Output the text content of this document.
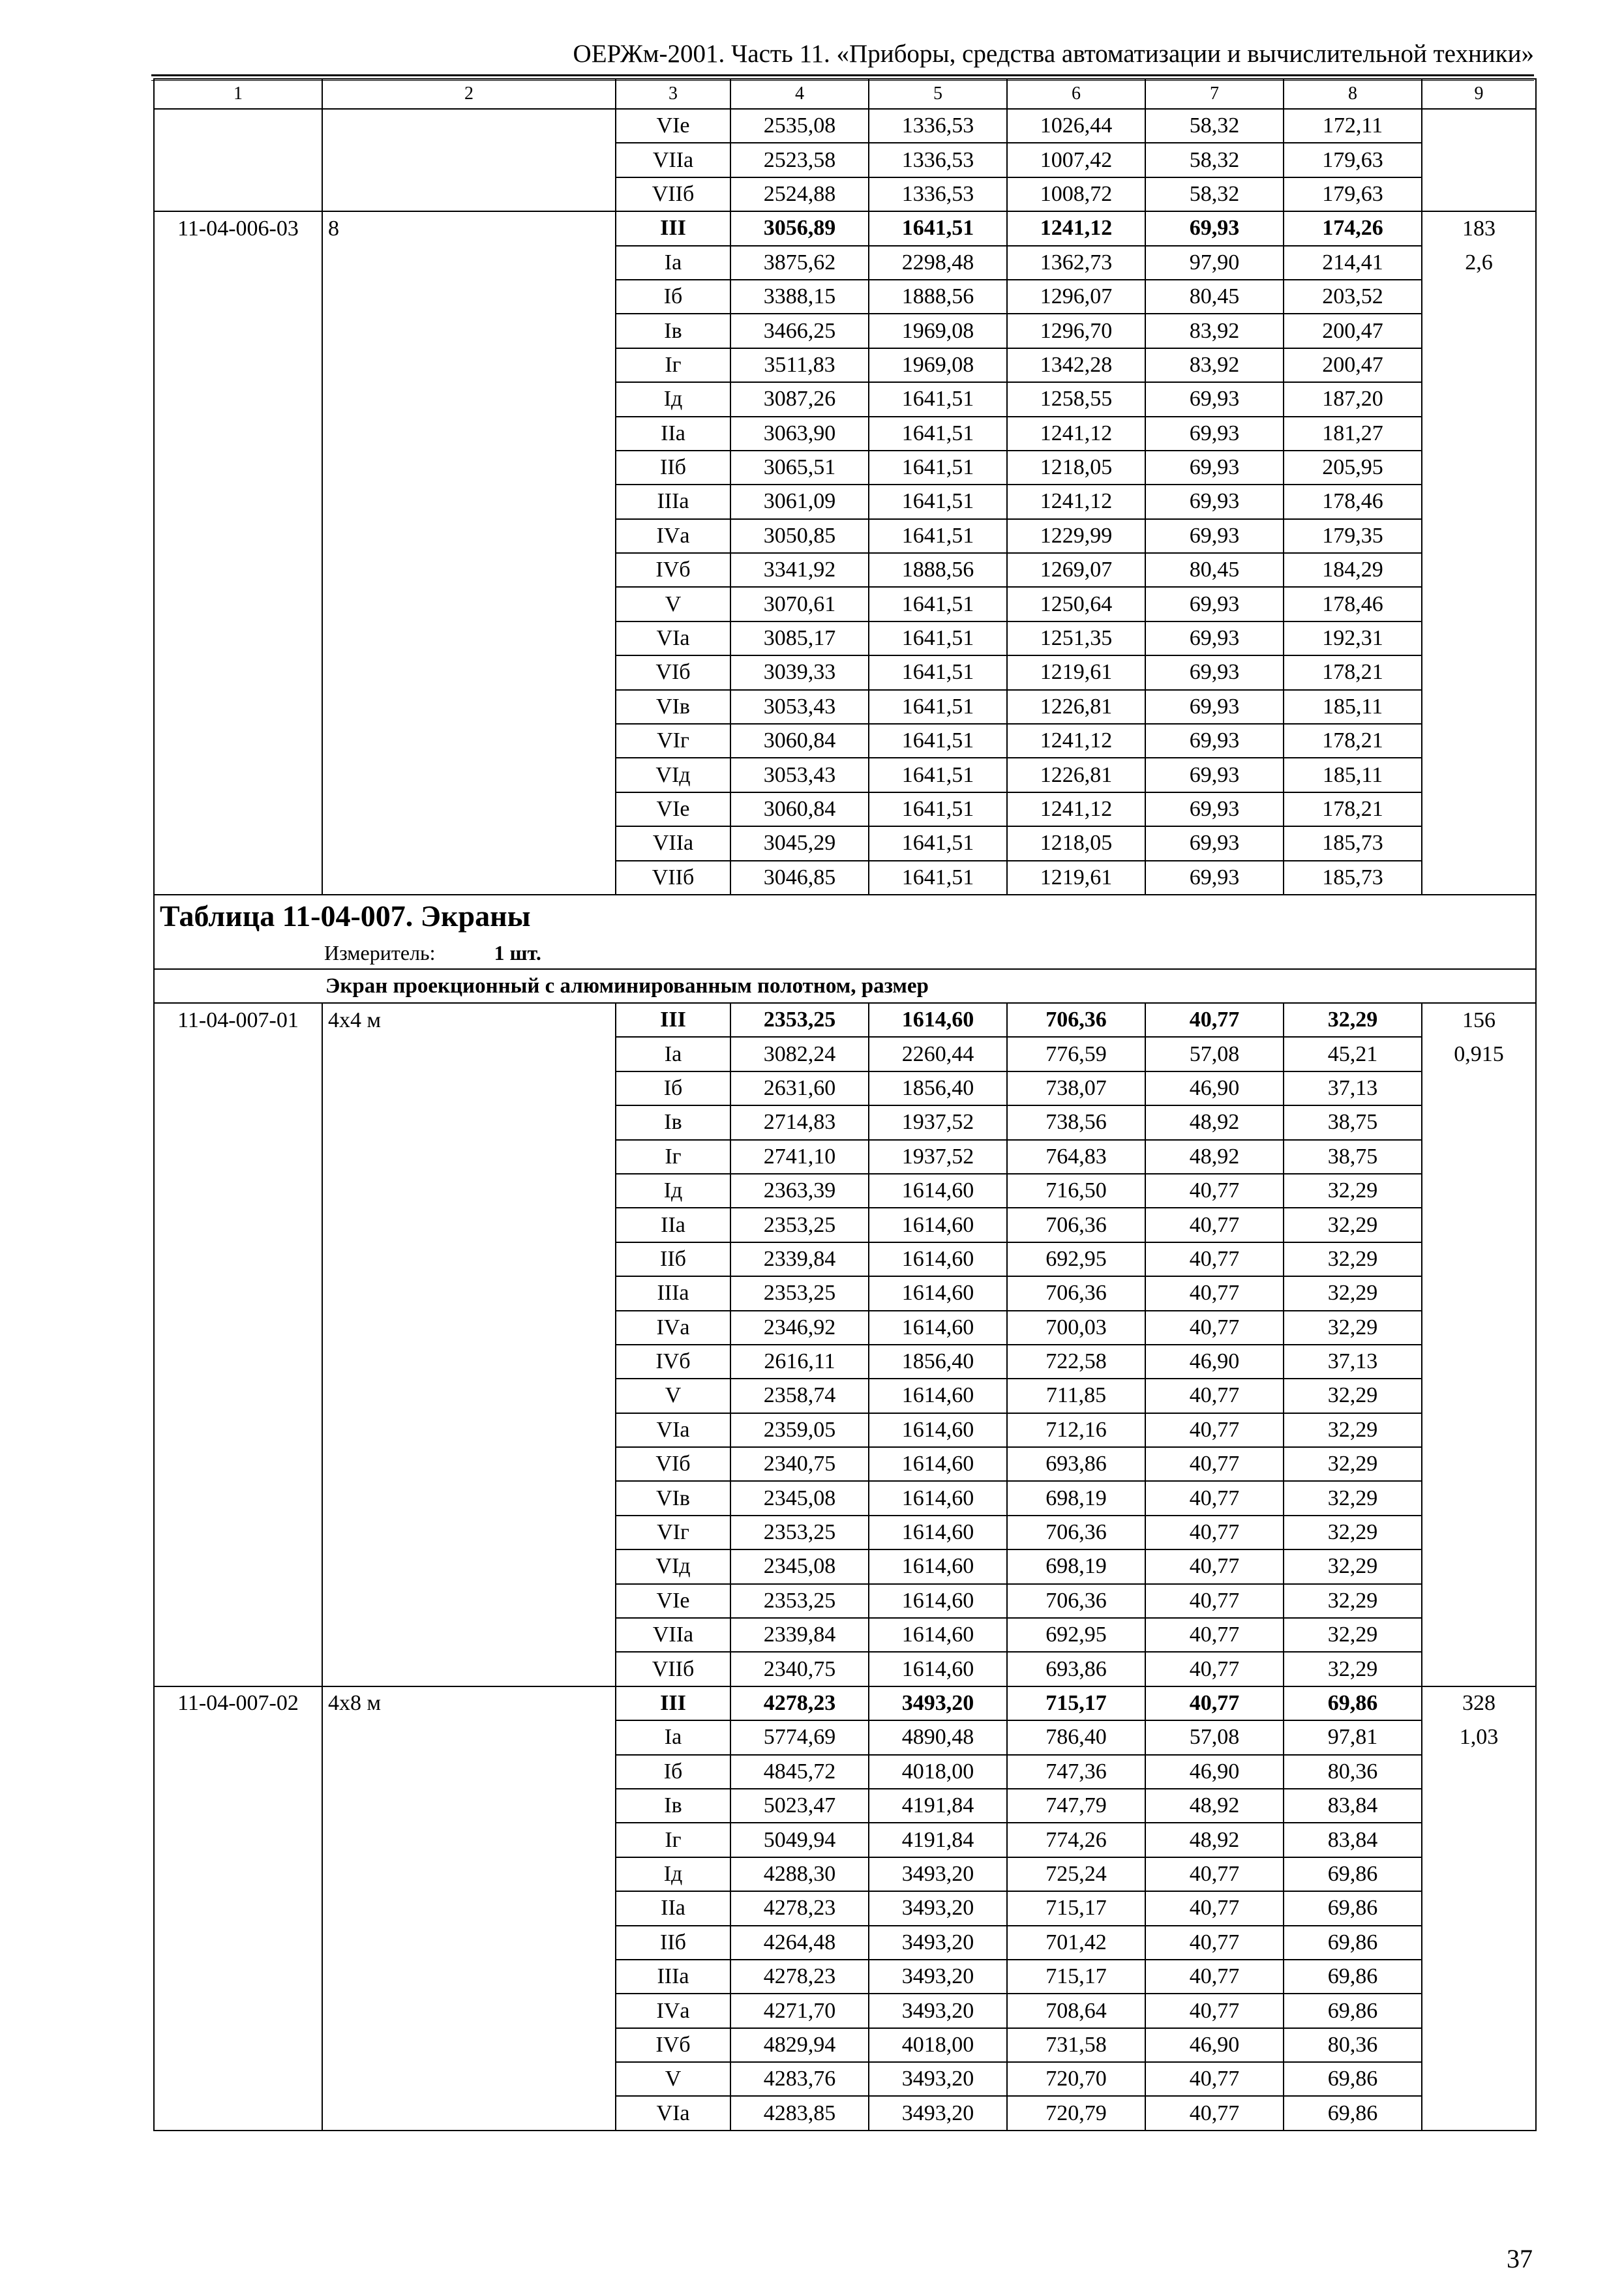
ОЕРЖм-2001. Часть 11. «Приборы, средства автоматизации и вычислительной техники»
1	2	3	4	5	6	7	8	9
		VIе	2535,08	1336,53	1026,44	58,32	172,11	
		VIIа	2523,58	1336,53	1007,42	58,32	179,63	
		VIIб	2524,88	1336,53	1008,72	58,32	179,63	
11-04-006-03	8	III	3056,89	1641,51	1241,12	69,93	174,26	183
		Iа	3875,62	2298,48	1362,73	97,90	214,41	2,6
		Iб	3388,15	1888,56	1296,07	80,45	203,52	
		Iв	3466,25	1969,08	1296,70	83,92	200,47	
		Iг	3511,83	1969,08	1342,28	83,92	200,47	
		Iд	3087,26	1641,51	1258,55	69,93	187,20	
		IIа	3063,90	1641,51	1241,12	69,93	181,27	
		IIб	3065,51	1641,51	1218,05	69,93	205,95	
		IIIа	3061,09	1641,51	1241,12	69,93	178,46	
		IVа	3050,85	1641,51	1229,99	69,93	179,35	
		IVб	3341,92	1888,56	1269,07	80,45	184,29	
		V	3070,61	1641,51	1250,64	69,93	178,46	
		VIа	3085,17	1641,51	1251,35	69,93	192,31	
		VIб	3039,33	1641,51	1219,61	69,93	178,21	
		VIв	3053,43	1641,51	1226,81	69,93	185,11	
		VIг	3060,84	1641,51	1241,12	69,93	178,21	
		VIд	3053,43	1641,51	1226,81	69,93	185,11	
		VIе	3060,84	1641,51	1241,12	69,93	178,21	
		VIIа	3045,29	1641,51	1218,05	69,93	185,73	
		VIIб	3046,85	1641,51	1219,61	69,93	185,73	
Таблица 11-04-007. Экраны								
Измеритель: 1 шт.								
Экран проекционный с алюминированным полотном, размер								
11-04-007-01	4х4 м	III	2353,25	1614,60	706,36	40,77	32,29	156
		Iа	3082,24	2260,44	776,59	57,08	45,21	0,915
		Iб	2631,60	1856,40	738,07	46,90	37,13	
		Iв	2714,83	1937,52	738,56	48,92	38,75	
		Iг	2741,10	1937,52	764,83	48,92	38,75	
		Iд	2363,39	1614,60	716,50	40,77	32,29	
		IIа	2353,25	1614,60	706,36	40,77	32,29	
		IIб	2339,84	1614,60	692,95	40,77	32,29	
		IIIа	2353,25	1614,60	706,36	40,77	32,29	
		IVа	2346,92	1614,60	700,03	40,77	32,29	
		IVб	2616,11	1856,40	722,58	46,90	37,13	
		V	2358,74	1614,60	711,85	40,77	32,29	
		VIа	2359,05	1614,60	712,16	40,77	32,29	
		VIб	2340,75	1614,60	693,86	40,77	32,29	
		VIв	2345,08	1614,60	698,19	40,77	32,29	
		VIг	2353,25	1614,60	706,36	40,77	32,29	
		VIд	2345,08	1614,60	698,19	40,77	32,29	
		VIе	2353,25	1614,60	706,36	40,77	32,29	
		VIIа	2339,84	1614,60	692,95	40,77	32,29	
		VIIб	2340,75	1614,60	693,86	40,77	32,29	
11-04-007-02	4х8 м	III	4278,23	3493,20	715,17	40,77	69,86	328
		Iа	5774,69	4890,48	786,40	57,08	97,81	1,03
		Iб	4845,72	4018,00	747,36	46,90	80,36	
		Iв	5023,47	4191,84	747,79	48,92	83,84	
		Iг	5049,94	4191,84	774,26	48,92	83,84	
		Iд	4288,30	3493,20	725,24	40,77	69,86	
		IIа	4278,23	3493,20	715,17	40,77	69,86	
		IIб	4264,48	3493,20	701,42	40,77	69,86	
		IIIа	4278,23	3493,20	715,17	40,77	69,86	
		IVа	4271,70	3493,20	708,64	40,77	69,86	
		IVб	4829,94	4018,00	731,58	46,90	80,36	
		V	4283,76	3493,20	720,70	40,77	69,86	
		VIа	4283,85	3493,20	720,79	40,77	69,86	
37
